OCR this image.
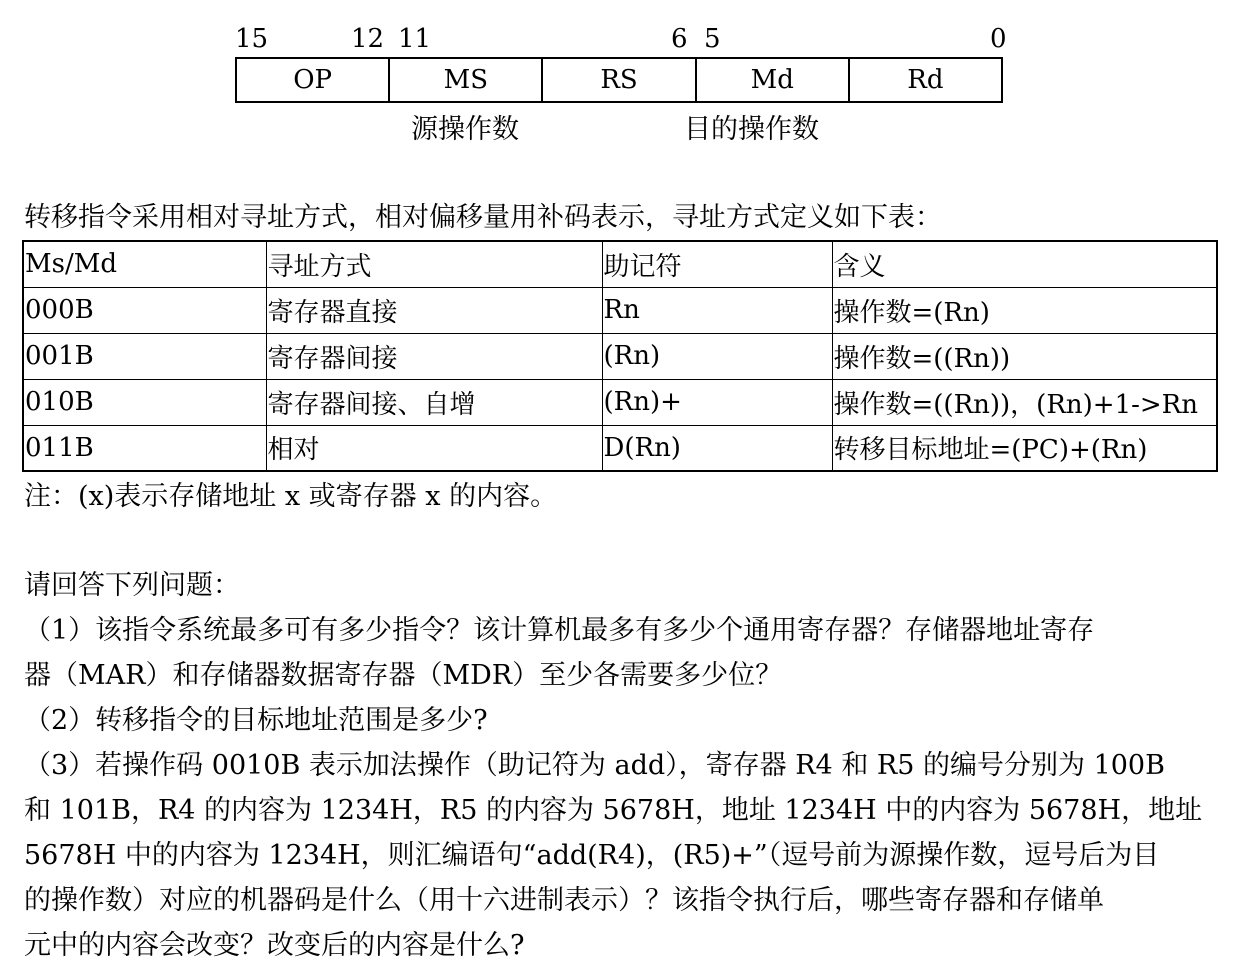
15	12 11	6 5	0
OP	MS	RS	Md	Rd
源操作数	目的操作数
转移指令采用相对寻址方式，相对偏移量用补码表示，寻址方式定义如下表：
Ms/Md	寻址方式	助记符	含义
000B	寄存器直接	Rn	操作数=(Rn)
001B	寄存器间接	(Rn)	操作数=((Rn))
010B	寄存器间接、自增	(Rn)+	操作数=((Rn))，(Rn)+1->Rn
011B	相对	D(Rn)	转移目标地址=(PC)+(Rn)
注：(x)表示存储地址 x 或寄存器 x 的内容。
请回答下列问题：
（1）该指令系统最多可有多少指令？该计算机最多有多少个通用寄存器？存储器地址寄存
器（MAR）和存储器数据寄存器（MDR）至少各需要多少位？
（2）转移指令的目标地址范围是多少?
（3）若操作码 0010B 表示加法操作（助记符为 add），寄存器 R4 和 R5 的编号分别为 100B
和 101B，R4 的内容为 1234H，R5 的内容为 5678H，地址 1234H 中的内容为 5678H，地址
5678H 中的内容为 1234H，则汇编语句“add(R4)，(R5)+”（逗号前为源操作数，逗号后为目
的操作数）对应的机器码是什么（用十六进制表示）？该指令执行后，哪些寄存器和存储单
元中的内容会改变？改变后的内容是什么?
